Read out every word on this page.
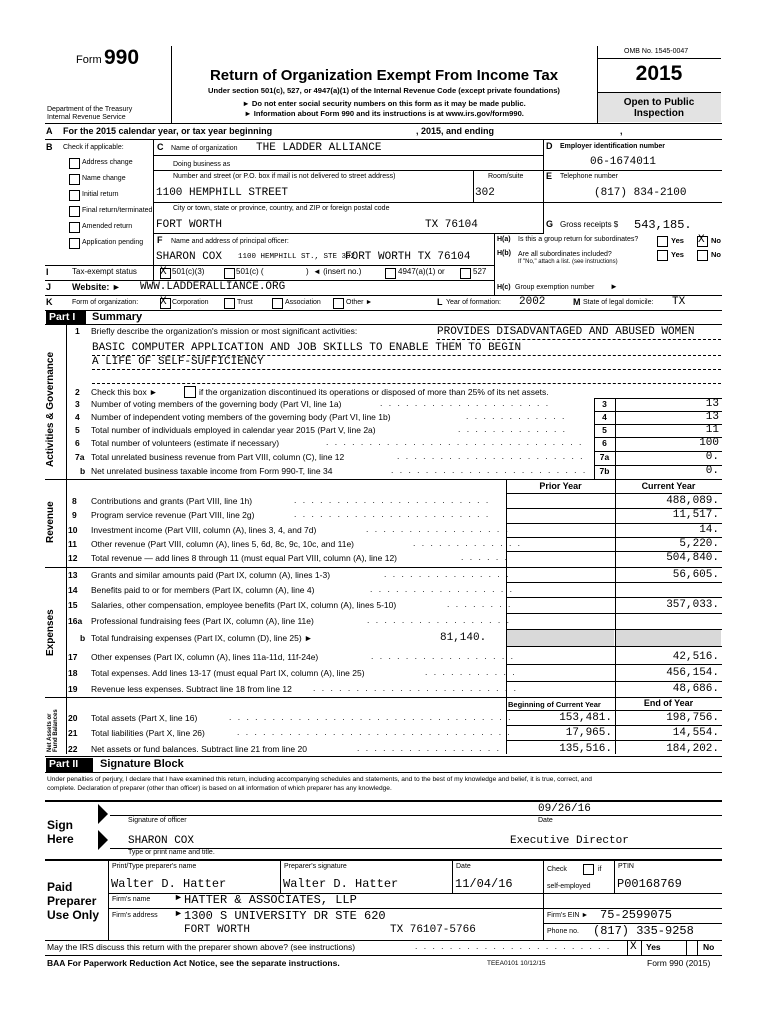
Form 990
Department of the Treasury
Internal Revenue Service
Return of Organization Exempt From Income Tax
Under section 501(c), 527, or 4947(a)(1) of the Internal Revenue Code (except private foundations)
► Do not enter social security numbers on this form as it may be made public.
► Information about Form 990 and its instructions is at www.irs.gov/form990.
OMB No. 1545-0047
2015
Open to Public
Inspection
A For the 2015 calendar year, or tax year beginning	, 2015, and ending	,
B Check if applicable:
Address change
Name change
Initial return
Final return/terminated
Amended return
Application pending
C Name of organization THE LADDER ALLIANCE
Doing business as
Number and street (or P.O. box if mail is not delivered to street address)	Room/suite
1100 HEMPHILL STREET	302
City or town, state or province, country, and ZIP or foreign postal code
FORT WORTH	TX 76104
D Employer identification number
06-1674011
E Telephone number
(817) 834-2100
G Gross receipts $ 543,185.
F Name and address of principal officer:
SHARON COX 1100 HEMPHILL ST., STE 302
FORT WORTH TX 76104
H(a) Is this a group return for subordinates?	Yes X No
H(b) Are all subordinates included?
If "No," attach a list. (see instructions)
Yes	No
I	Tax-exempt status X 501(c)(3)	501(c) (	) ◄ (insert no.)	4947(a)(1) or	527
J Website: ► WWW.LADDERALLIANCE.ORG	H(c) Group exemption number ►
K	Form of organization: X Corporation	Trust	Association	Other ►	L Year of formation: 2002	M State of legal domicile: TX
Part I Summary
Activities & Governance
Revenue
Expenses
Net Assets or Fund Balances
1 Briefly describe the organization's mission or most significant activities:	PROVIDES DISADVANTAGED AND ABUSED WOMEN
BASIC COMPUTER APPLICATION AND JOB SKILLS TO ENABLE THEM TO BEGIN
A LIFE OF SELF-SUFFICIENCY
2 Check this box ►	if the organization discontinued its operations or disposed of more than 25% of its net assets.
3 Number of voting members of the governing body (Part VI, line 1a)	. . . . . . . . . . . . . . . . . . . .	3	13
4 Number of independent voting members of the governing body (Part VI, line 1b)	. . . . . . . . . . . .	4	13
5 Total number of individuals employed in calendar year 2015 (Part V, line 2a)	. . . . . . . . . . . . .	5	11
6 Total number of volunteers (estimate if necessary)	. . . . . . . . . . . . . . . . . . . . . . . . . . . . . .	6	100
7a Total unrelated business revenue from Part VIII, column (C), line 12	. . . . . . . . . . . . . . . . . . . . . .	7a	0.
b Net unrelated business taxable income from Form 990-T, line 34	. . . . . . . . . . . . . . . . . . . . . . .	7b	0.
Prior Year	Current Year
8 Contributions and grants (Part VIII, line 1h)	. . . . . . . . . . . . . . . . . . . . . . .	488,089.
9 Program service revenue (Part VIII, line 2g)	. . . . . . . . . . . . . . . . . . . . . . .	11,517.
10 Investment income (Part VIII, column (A), lines 3, 4, and 7d)	. . . . . . . . . . . . . . . . .	14.
11 Other revenue (Part VIII, column (A), lines 5, 6d, 8c, 9c, 10c, and 11e)	. . . . . . . . . . . . .	5,220.
12 Total revenue — add lines 8 through 11 (must equal Part VIII, column (A), line 12)	. . . . . .	504,840.
13 Grants and similar amounts paid (Part IX, column (A), lines 1-3)	. . . . . . . . . . . . . . .	56,605.
14 Benefits paid to or for members (Part IX, column (A), line 4)	. . . . . . . . . . . . . . . . .
15 Salaries, other compensation, employee benefits (Part IX, column (A), lines 5-10)	. . . . . . . .	357,033.
16a Professional fundraising fees (Part IX, column (A), line 11e)	. . . . . . . . . . . . . . . . .
b Total fundraising expenses (Part IX, column (D), line 25) ►	81,140.
17 Other expenses (Part IX, column (A), lines 11a-11d, 11f-24e)	. . . . . . . . . . . . . . . . .	42,516.
18 Total expenses. Add lines 13-17 (must equal Part IX, column (A), line 25)	. . . . . . . . . . .	456,154.
19 Revenue less expenses. Subtract line 18 from line 12 . . . . . . . . . . . . . . . . . . . . . . . .	48,686.
Beginning of Current Year	End of Year
20 Total assets (Part X, line 16)	. . . . . . . . . . . . . . . . . . . . . . . . . . . . . . . . .	153,481.	198,756.
21 Total liabilities (Part X, line 26)	. . . . . . . . . . . . . . . . . . . . . . . . . . . . . . . .	17,965.	14,554.
22 Net assets or fund balances. Subtract line 21 from line 20	. . . . . . . . . . . . . . . . . .	135,516.	184,202.
Part II Signature Block
Under penalties of perjury, I declare that I have examined this return, including accompanying schedules and statements, and to the best of my knowledge and belief, it is true, correct, and
complete. Declaration of preparer (other than officer) is based on all information of which preparer has any knowledge.
Sign
Here
09/26/16
Signature of officer	Date
SHARON COX	Executive Director
Type or print name and title.
Paid
Preparer
Use Only
Print/Type preparer's name	Preparer's signature	Date	Check	if
self-employed
PTIN
Walter D. Hatter	Walter D. Hatter	11/04/16	P00168769
Firm's name	► HATTER & ASSOCIATES, LLP
Firm's address ► 1300 S UNIVERSITY DR STE 620
FORT WORTH	TX 76107-5766
Firm's EIN ► 75-2599075
Phone no. (817) 335-9258
May the IRS discuss this return with the preparer shown above? (see instructions)	. . . . . . . . . . . . . . . . . . . . . . . X Yes	No
BAA For Paperwork Reduction Act Notice, see the separate instructions.	TEEA0101 10/12/15	Form 990 (2015)
